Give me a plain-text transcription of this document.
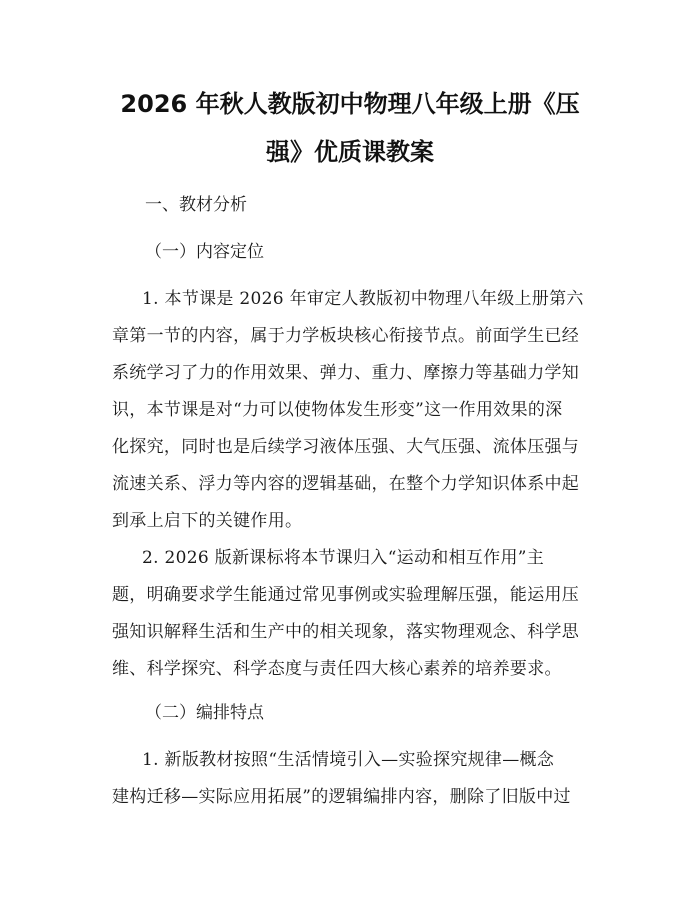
2026 年秋人教版初中物理八年级上册《压
强》优质课教案

一、教材分析

（一）内容定位

1. 本节课是 2026 年审定人教版初中物理八年级上册第六
章第一节的内容，属于力学板块核心衔接节点。前面学生已经
系统学习了力的作用效果、弹力、重力、摩擦力等基础力学知
识，本节课是对“力可以使物体发生形变”这一作用效果的深
化探究，同时也是后续学习液体压强、大气压强、流体压强与
流速关系、浮力等内容的逻辑基础，在整个力学知识体系中起
到承上启下的关键作用。
2. 2026 版新课标将本节课归入“运动和相互作用”主
题，明确要求学生能通过常见事例或实验理解压强，能运用压
强知识解释生活和生产中的相关现象，落实物理观念、科学思
维、科学探究、科学态度与责任四大核心素养的培养要求。

（二）编排特点

1. 新版教材按照“生活情境引入—实验探究规律—概念
建构迁移—实际应用拓展”的逻辑编排内容，删除了旧版中过
